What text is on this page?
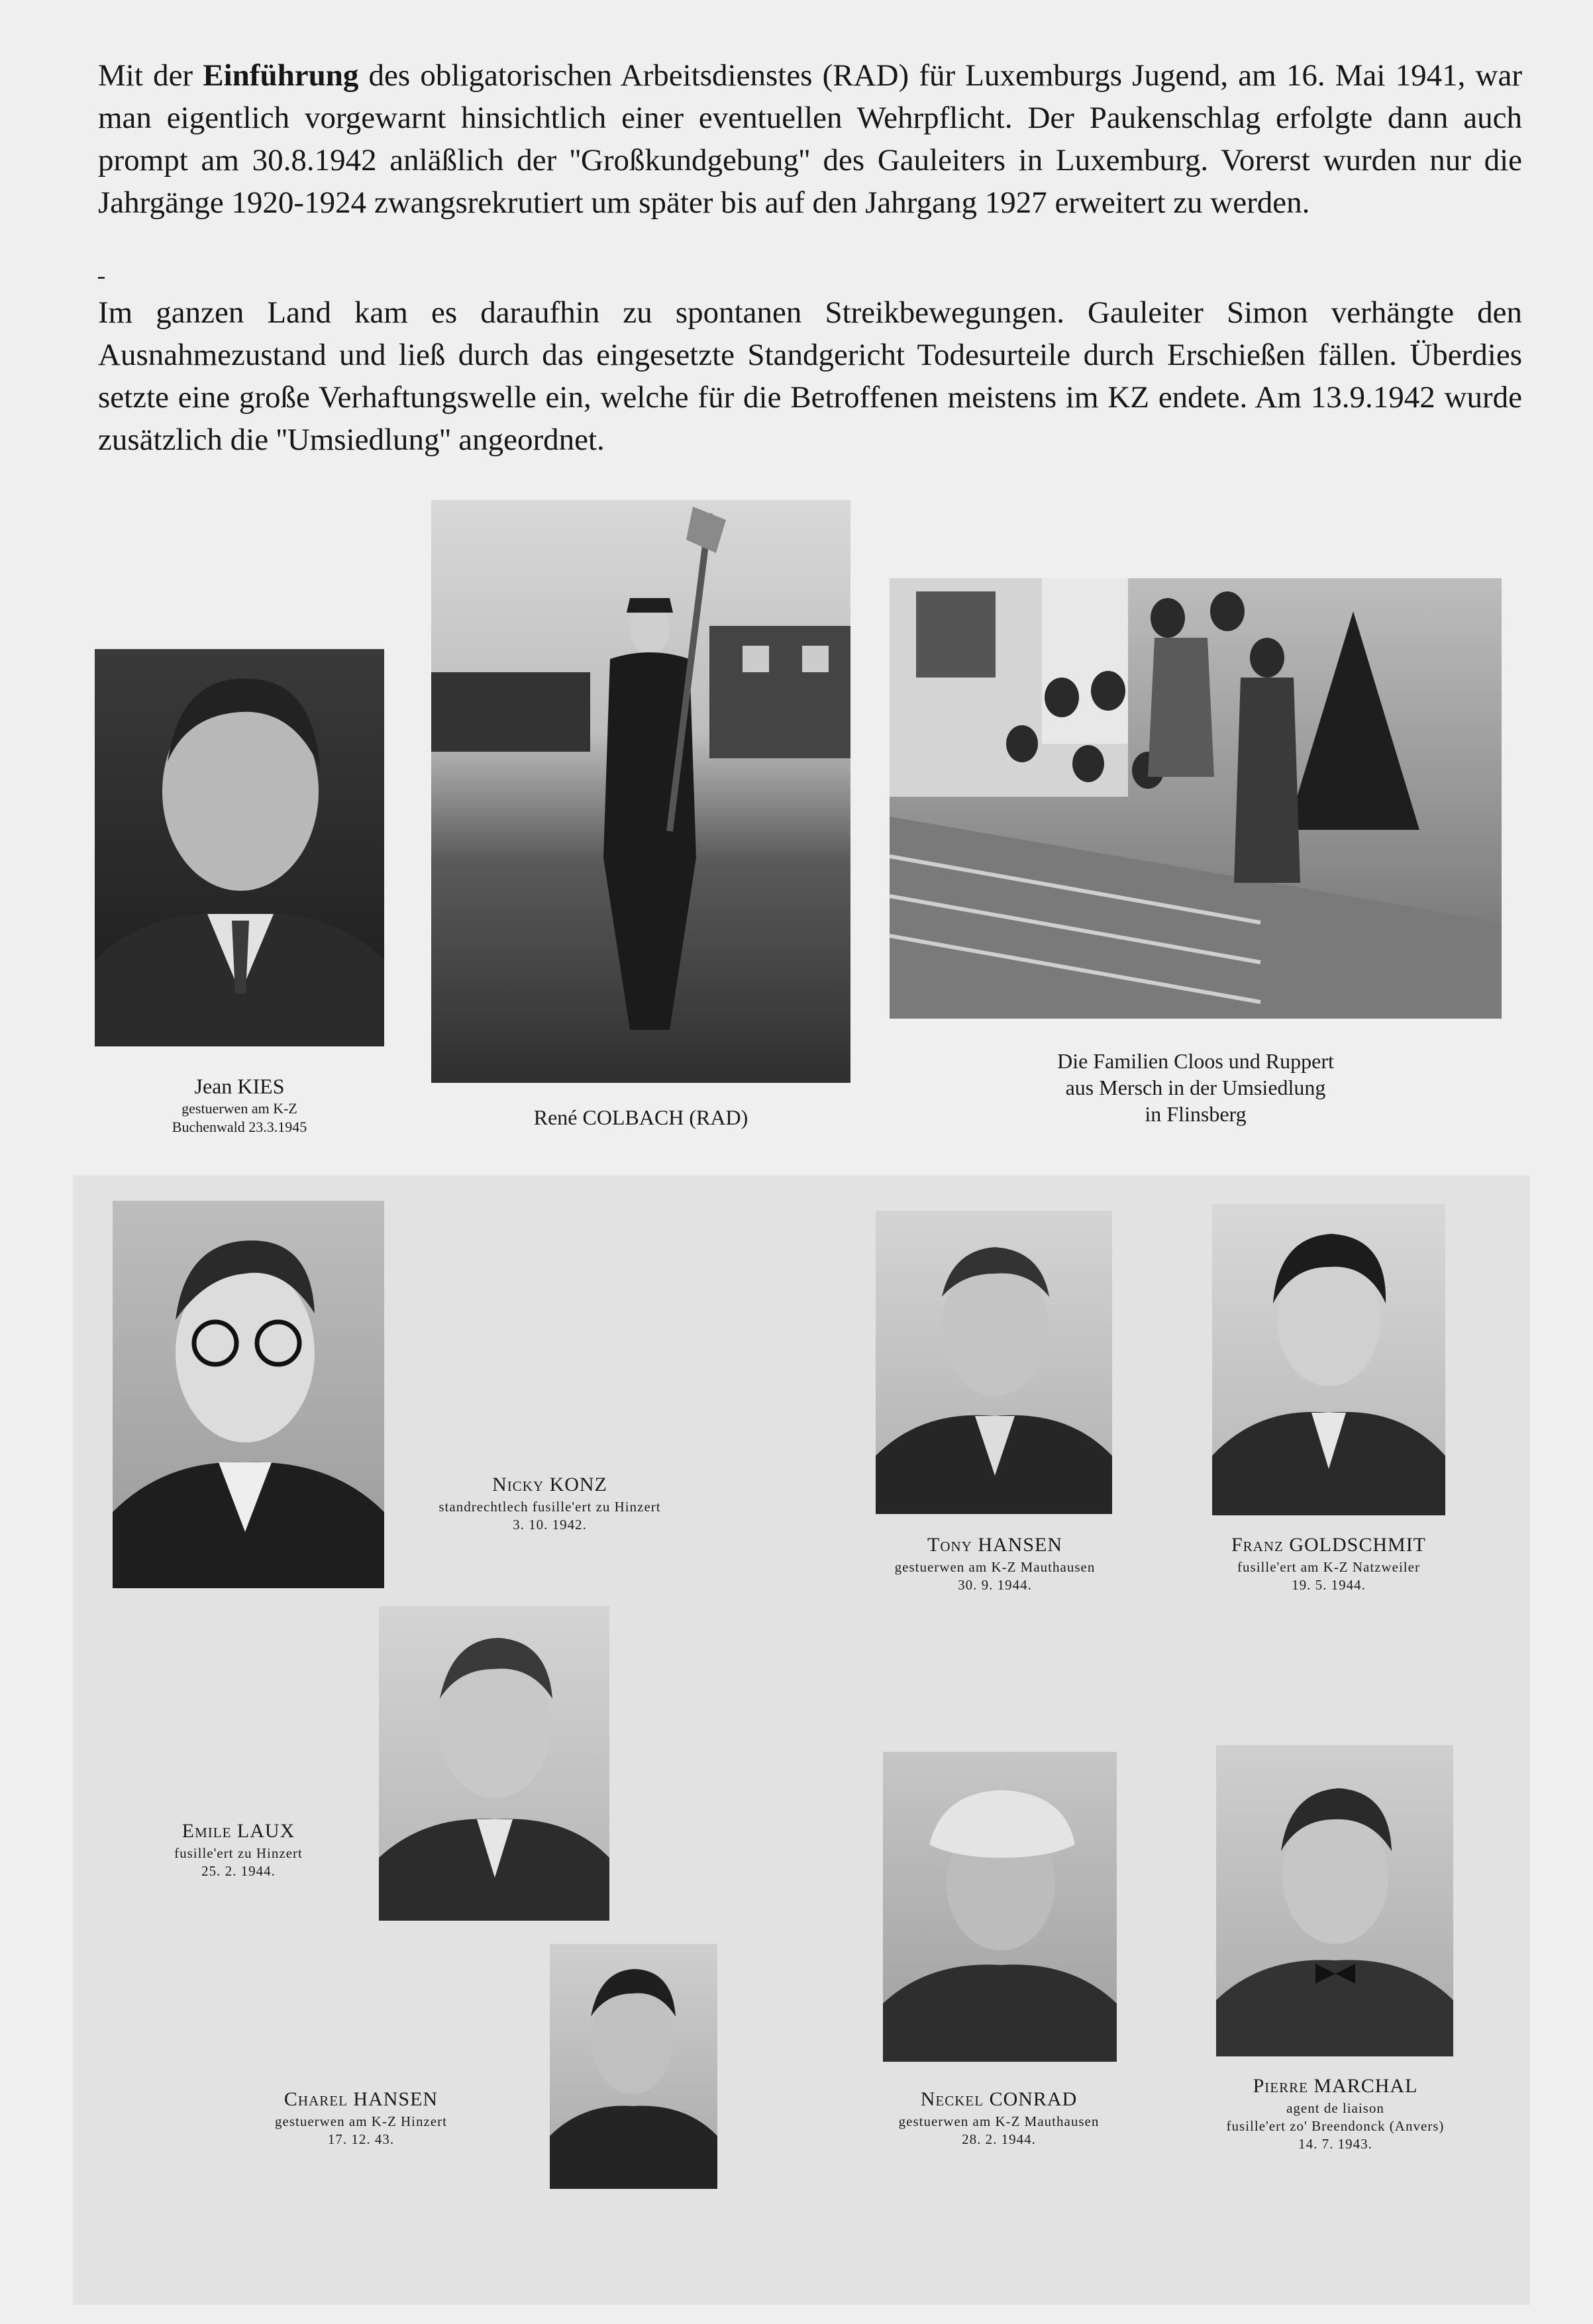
Mit der Einführung des obligatorischen Arbeitsdienstes (RAD) für Luxemburgs Jugend, am 16. Mai 1941, war man eigentlich vorgewarnt hinsichtlich einer eventuellen Wehrpflicht. Der Paukenschlag erfolgte dann auch prompt am 30.8.1942 anläßlich der ''Großkundgebung'' des Gauleiters in Luxemburg. Vorerst wurden nur die Jahrgänge 1920-1924 zwangsrekrutiert um später bis auf den Jahrgang 1927 erweitert zu werden.

Im ganzen Land kam es daraufhin zu spontanen Streikbewegungen. Gauleiter Simon verhängte den Ausnahmezustand und ließ durch das eingesetzte Standgericht Todesurteile durch Erschießen fällen. Überdies setzte eine große Verhaftungswelle ein, welche für die Betroffenen meistens im KZ endete. Am 13.9.1942 wurde zusätzlich die ''Umsiedlung'' angeordnet.

Jean KIES
gestuerwen am K-Z
Buchenwald 23.3.1945	René COLBACH (RAD)
Die Familien Cloos und Ruppert
aus Mersch in der Umsiedlung
in Flinsberg
Nicky KONZ
standrechtlech fusille'ert zu Hinzert
3. 10. 1942.
Tony HANSEN
gestuerwen am K-Z Mauthausen
30. 9. 1944.
Franz GOLDSCHMIT
fusille'ert am K-Z Natzweiler
19. 5. 1944.
Emile LAUX
fusille'ert zu Hinzert
25. 2. 1944.
Charel HANSEN
gestuerwen am K-Z Hinzert
17. 12. 43.
Neckel CONRAD
gestuerwen am K-Z Mauthausen
28. 2. 1944.
Pierre MARCHAL
agent de liaison
fusille'ert zo' Breendonck (Anvers)
14. 7. 1943.
